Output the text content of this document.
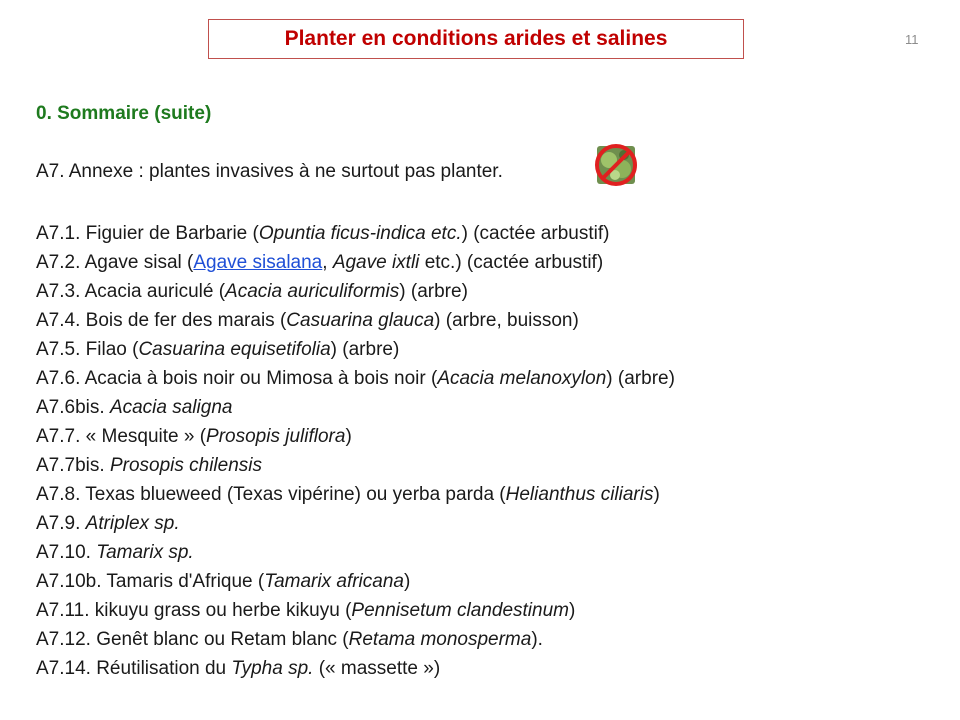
Planter en conditions arides et salines	11
0. Sommaire (suite)
A7. Annexe : plantes invasives à ne surtout pas planter.
A7.1. Figuier de Barbarie (Opuntia ficus-indica etc.) (cactée arbustif)
A7.2. Agave sisal (Agave sisalana, Agave ixtli etc.) (cactée arbustif)
A7.3. Acacia auriculé (Acacia auriculiformis) (arbre)
A7.4. Bois de fer des marais (Casuarina glauca) (arbre, buisson)
A7.5. Filao (Casuarina equisetifolia) (arbre)
A7.6. Acacia à bois noir ou Mimosa à bois noir (Acacia melanoxylon) (arbre)
A7.6bis. Acacia saligna
A7.7. « Mesquite » (Prosopis juliflora)
A7.7bis. Prosopis chilensis
A7.8. Texas blueweed (Texas vipérine) ou yerba parda (Helianthus ciliaris)
A7.9. Atriplex sp.
A7.10. Tamarix sp.
A7.10b. Tamaris d'Afrique (Tamarix africana)
A7.11. kikuyu grass ou herbe kikuyu (Pennisetum clandestinum)
A7.12. Genêt blanc ou Retam blanc (Retama monosperma).
A7.14. Réutilisation du Typha sp. (« massette »)
